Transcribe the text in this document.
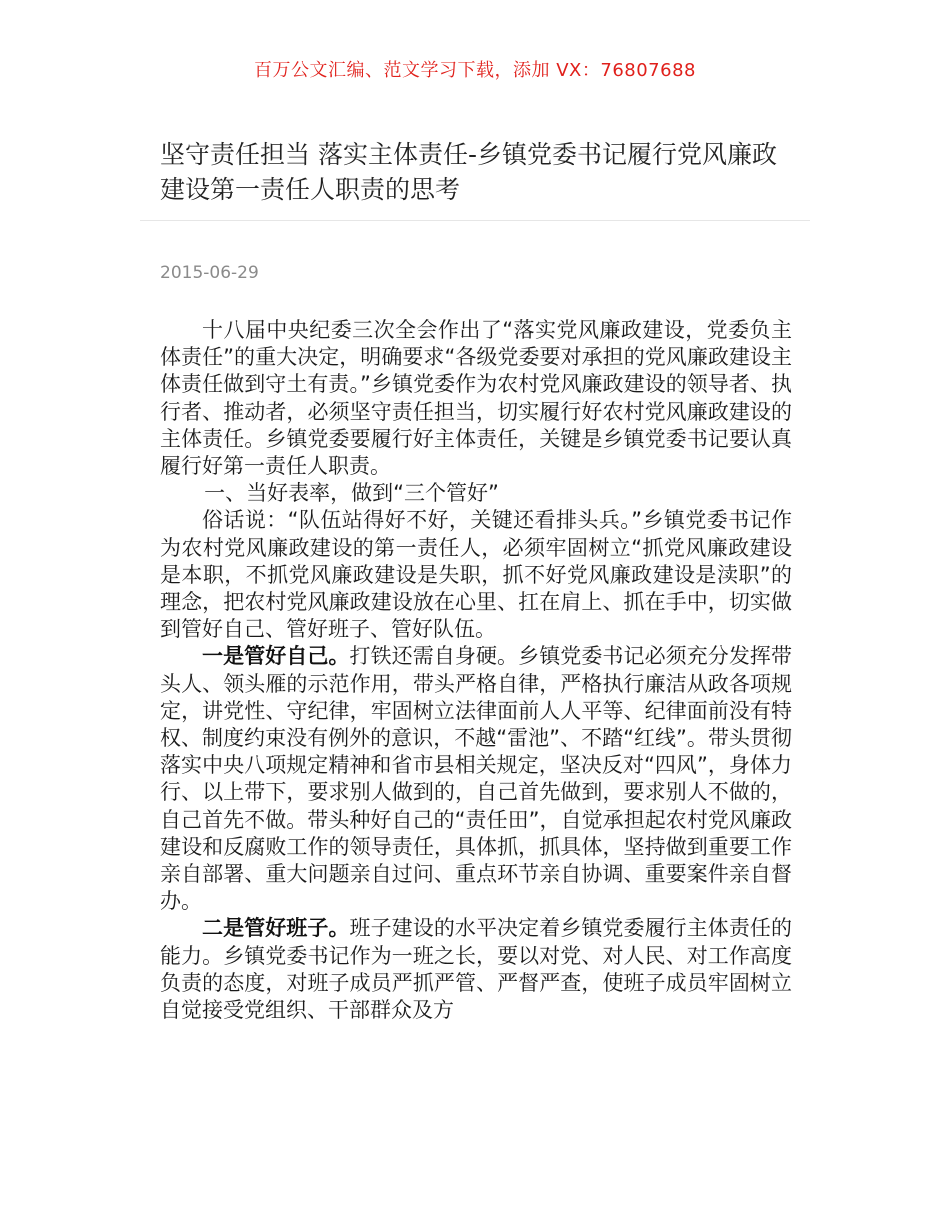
百万公文汇编、范文学习下载，添加 VX：76807688
坚守责任担当 落实主体责任-乡镇党委书记履行党风廉政建设第一责任人职责的思考
2015-06-29

十八届中央纪委三次全会作出了“落实党风廉政建设，党委负主体责任”的重大决定，明确要求“各级党委要对承担的党风廉政建设主体责任做到守土有责。”乡镇党委作为农村党风廉政建设的领导者、执行者、推动者，必须坚守责任担当，切实履行好农村党风廉政建设的主体责任。乡镇党委要履行好主体责任，关键是乡镇党委书记要认真履行好第一责任人职责。

一、当好表率，做到“三个管好”

俗话说：“队伍站得好不好，关键还看排头兵。”乡镇党委书记作为农村党风廉政建设的第一责任人，必须牢固树立“抓党风廉政建设是本职，不抓党风廉政建设是失职，抓不好党风廉政建设是渎职”的理念，把农村党风廉政建设放在心里、扛在肩上、抓在手中，切实做到管好自己、管好班子、管好队伍。

一是管好自己。打铁还需自身硬。乡镇党委书记必须充分发挥带头人、领头雁的示范作用，带头严格自律，严格执行廉洁从政各项规定，讲党性、守纪律，牢固树立法律面前人人平等、纪律面前没有特权、制度约束没有例外的意识，不越“雷池”、不踏“红线”。带头贯彻落实中央八项规定精神和省市县相关规定，坚决反对“四风”，身体力行、以上带下，要求别人做到的，自己首先做到，要求别人不做的，自己首先不做。带头种好自己的“责任田”，自觉承担起农村党风廉政建设和反腐败工作的领导责任，具体抓，抓具体，坚持做到重要工作亲自部署、重大问题亲自过问、重点环节亲自协调、重要案件亲自督办。

二是管好班子。班子建设的水平决定着乡镇党委履行主体责任的能力。乡镇党委书记作为一班之长，要以对党、对人民、对工作高度负责的态度，对班子成员严抓严管、严督严查，使班子成员牢固树立自觉接受党组织、干部群众及方
